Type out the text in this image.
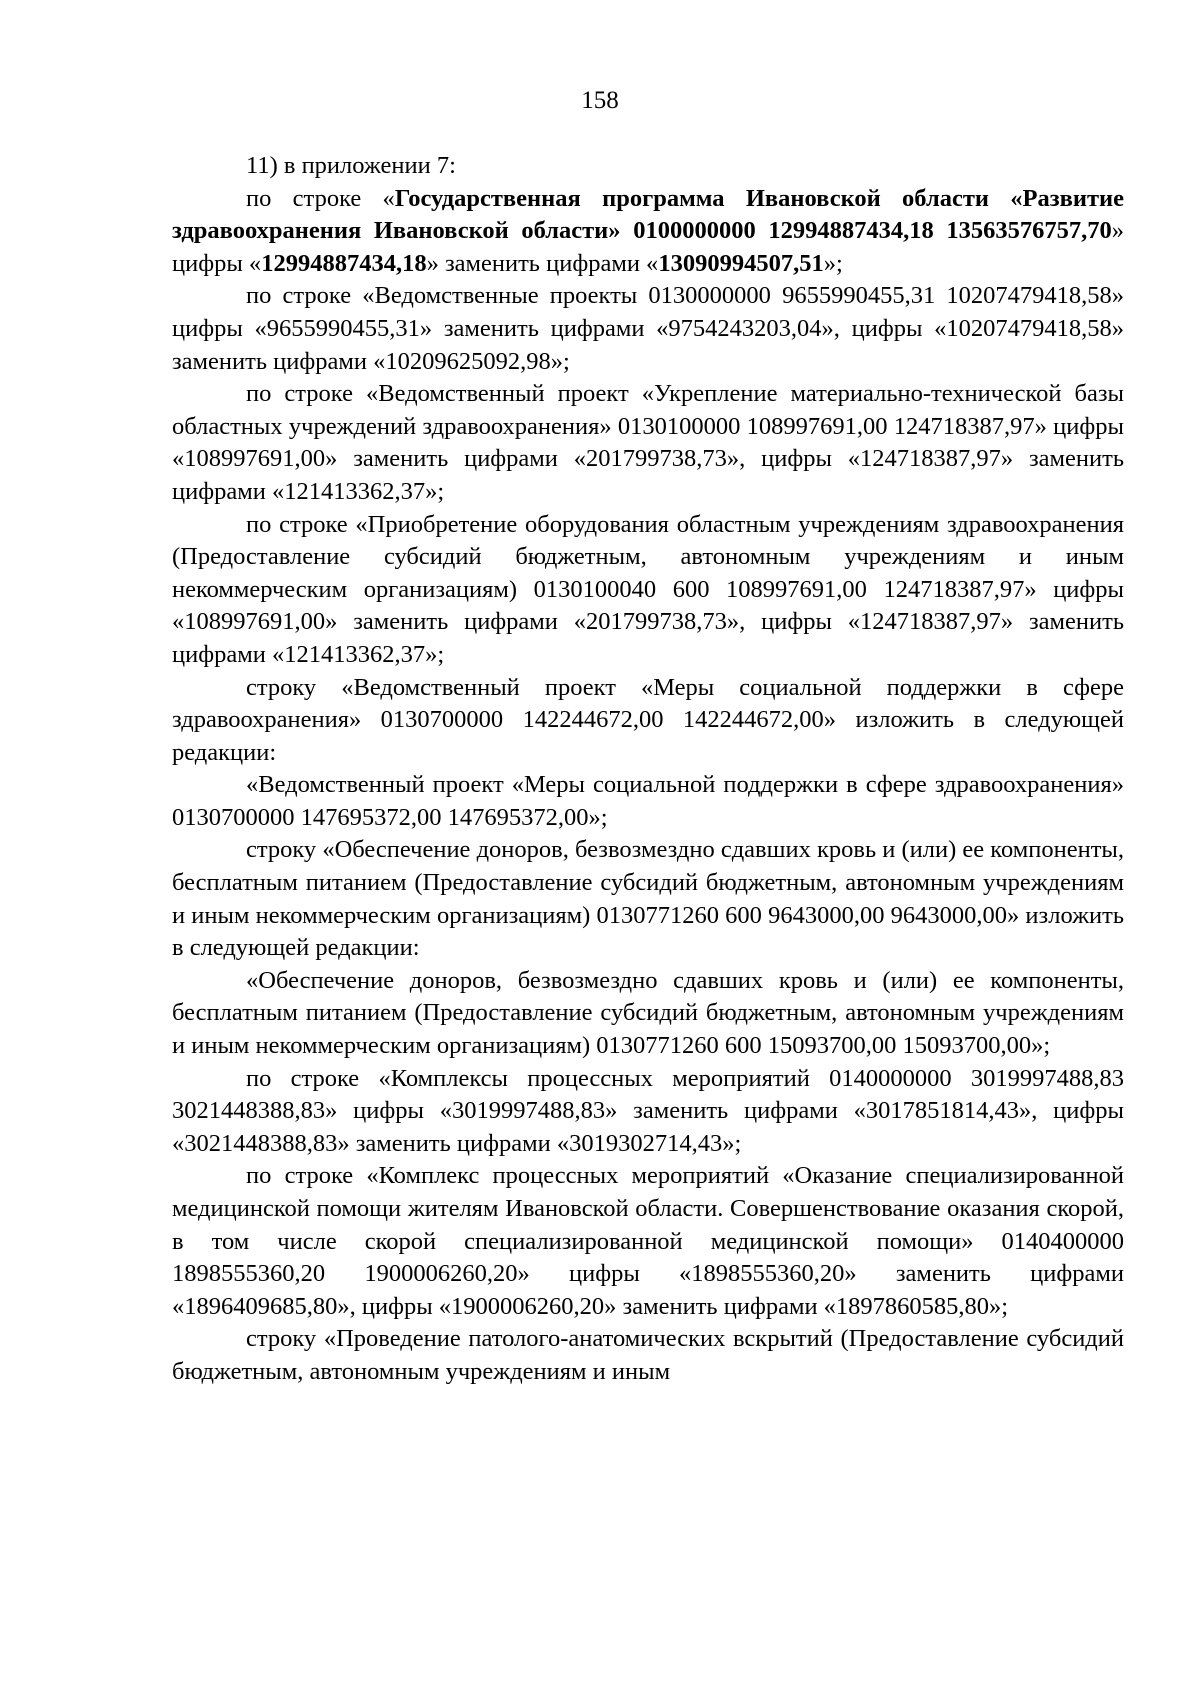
158

11) в приложении 7:

по строке «Государственная программа Ивановской области «Развитие здравоохранения Ивановской области» 0100000000 12994887434,18 13563576757,70» цифры «12994887434,18» заменить цифрами «13090994507,51»;

по строке «Ведомственные проекты 0130000000 9655990455,31 10207479418,58» цифры «9655990455,31» заменить цифрами «9754243203,04», цифры «10207479418,58» заменить цифрами «10209625092,98»;

по строке «Ведомственный проект «Укрепление материально-технической базы областных учреждений здравоохранения» 0130100000 108997691,00 124718387,97» цифры «108997691,00» заменить цифрами «201799738,73», цифры «124718387,97» заменить цифрами «121413362,37»;

по строке «Приобретение оборудования областным учреждениям здравоохранения (Предоставление субсидий бюджетным, автономным учреждениям и иным некоммерческим организациям) 0130100040 600 108997691,00 124718387,97» цифры «108997691,00» заменить цифрами «201799738,73», цифры «124718387,97» заменить цифрами «121413362,37»;

строку «Ведомственный проект «Меры социальной поддержки в сфере здравоохранения» 0130700000 142244672,00 142244672,00» изложить в следующей редакции:

«Ведомственный проект «Меры социальной поддержки в сфере здравоохранения» 0130700000 147695372,00 147695372,00»;

строку «Обеспечение доноров, безвозмездно сдавших кровь и (или) ее компоненты, бесплатным питанием (Предоставление субсидий бюджетным, автономным учреждениям и иным некоммерческим организациям) 0130771260 600 9643000,00 9643000,00» изложить в следующей редакции:

«Обеспечение доноров, безвозмездно сдавших кровь и (или) ее компоненты, бесплатным питанием (Предоставление субсидий бюджетным, автономным учреждениям и иным некоммерческим организациям) 0130771260 600 15093700,00 15093700,00»;

по строке «Комплексы процессных мероприятий 0140000000 3019997488,83 3021448388,83» цифры «3019997488,83» заменить цифрами «3017851814,43», цифры «3021448388,83» заменить цифрами «3019302714,43»;

по строке «Комплекс процессных мероприятий «Оказание специализированной медицинской помощи жителям Ивановской области. Совершенствование оказания скорой, в том числе скорой специализированной медицинской помощи» 0140400000 1898555360,20 1900006260,20» цифры «1898555360,20» заменить цифрами «1896409685,80», цифры «1900006260,20» заменить цифрами «1897860585,80»;

строку «Проведение патолого-анатомических вскрытий (Предоставление субсидий бюджетным, автономным учреждениям и иным
